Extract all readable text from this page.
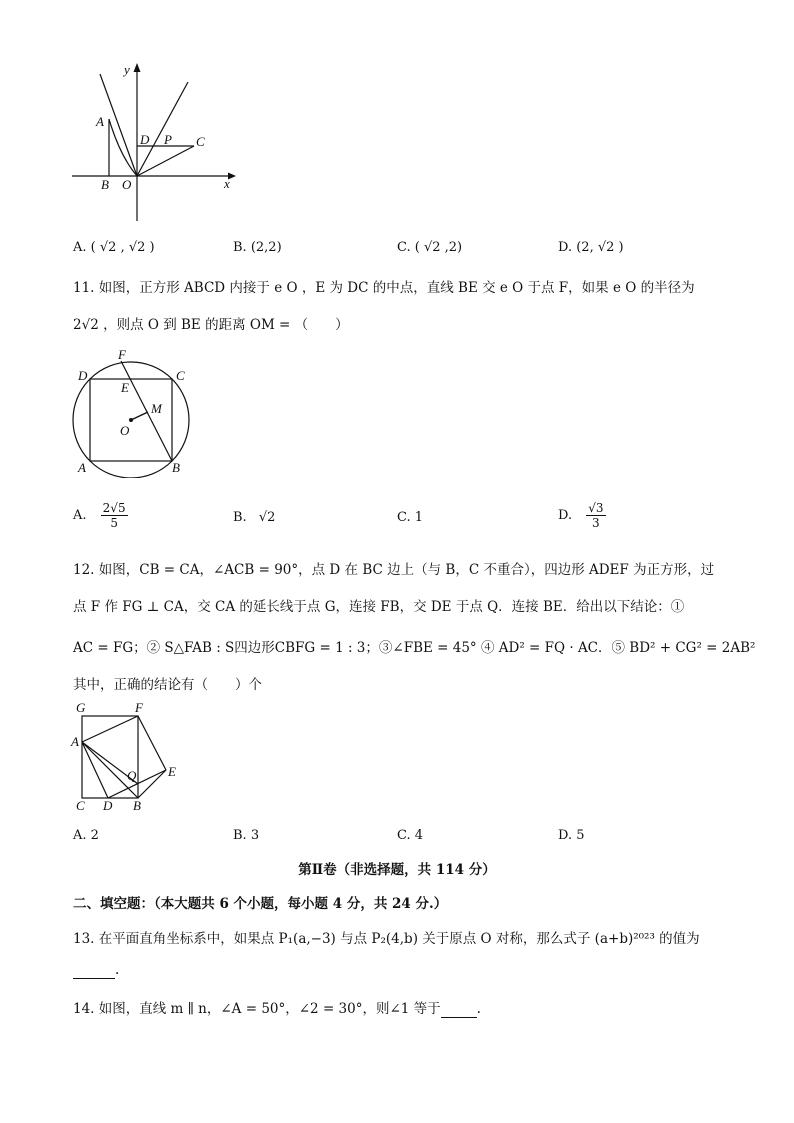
y
x
A
B O
D P C
A. ( √2 , √2 )	B. (2,2)	C. ( √2 ,2)	D. (2, √2 )
11. 如图，正方形 ABCD 内接于 e O ，E 为 DC 的中点，直线 BE 交 e O 于点 F，如果 e O 的半径为
2√2 ，则点 O 到 BE 的距离 OM = （　　）
F
D
E
C
M
O
A	B
A. $\frac{2√5}{5}$	B. √2	C. 1	D. $\frac{√3}{3}$
12. 如图，CB = CA，∠ACB = 90°，点 D 在 BC 边上（与 B，C 不重合），四边形 ADEF 为正方形，过
点 F 作 FG ⊥ CA，交 CA 的延长线于点 G，连接 FB，交 DE 于点 Q．连接 BE．给出以下结论：①
AC = FG；② S△FAB : S四边形CBFG = 1 : 3；③∠FBE = 45° ④ AD² = FQ · AC．⑤ BD² + CG² = 2AB²
其中，正确的结论有（　　）个
G	F
A
E
Q
C D B
A. 2	B. 3	C. 4	D. 5
第Ⅱ卷（非选择题，共 114 分）
二、填空题：（本大题共 6 个小题，每小题 4 分，共 24 分.）
13. 在平面直角坐标系中，如果点 P₁(a,−3) 与点 P₂(4,b) 关于原点 O 对称，那么式子 (a+b)²⁰²³ 的值为
.
14. 如图，直线 m ∥ n，∠A = 50°，∠2 = 30°，则∠1 等于	.
